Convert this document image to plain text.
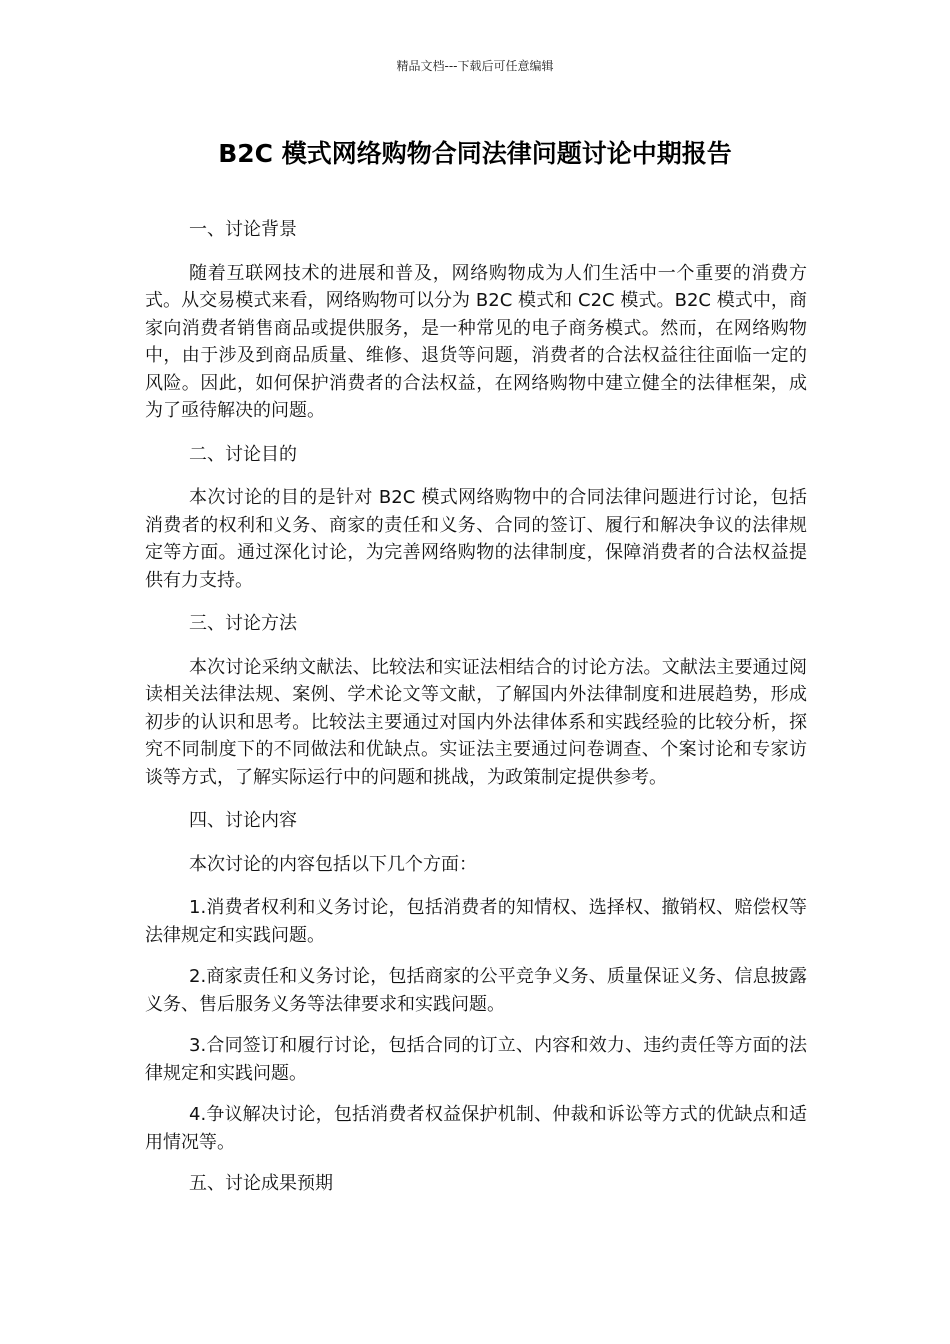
精品文档---下载后可任意编辑
B2C 模式网络购物合同法律问题讨论中期报告

一、讨论背景

随着互联网技术的进展和普及，网络购物成为人们生活中一个重要的消费方式。从交易模式来看，网络购物可以分为 B2C 模式和 C2C 模式。B2C 模式中，商家向消费者销售商品或提供服务，是一种常见的电子商务模式。然而，在网络购物中，由于涉及到商品质量、维修、退货等问题，消费者的合法权益往往面临一定的风险。因此，如何保护消费者的合法权益，在网络购物中建立健全的法律框架，成为了亟待解决的问题。

二、讨论目的

本次讨论的目的是针对 B2C 模式网络购物中的合同法律问题进行讨论，包括消费者的权利和义务、商家的责任和义务、合同的签订、履行和解决争议的法律规定等方面。通过深化讨论，为完善网络购物的法律制度，保障消费者的合法权益提供有力支持。

三、讨论方法

本次讨论采纳文献法、比较法和实证法相结合的讨论方法。文献法主要通过阅读相关法律法规、案例、学术论文等文献，了解国内外法律制度和进展趋势，形成初步的认识和思考。比较法主要通过对国内外法律体系和实践经验的比较分析，探究不同制度下的不同做法和优缺点。实证法主要通过问卷调查、个案讨论和专家访谈等方式，了解实际运行中的问题和挑战，为政策制定提供参考。

四、讨论内容

本次讨论的内容包括以下几个方面：

1.消费者权利和义务讨论，包括消费者的知情权、选择权、撤销权、赔偿权等法律规定和实践问题。

2.商家责任和义务讨论，包括商家的公平竞争义务、质量保证义务、信息披露义务、售后服务义务等法律要求和实践问题。

3.合同签订和履行讨论，包括合同的订立、内容和效力、违约责任等方面的法律规定和实践问题。

4.争议解决讨论，包括消费者权益保护机制、仲裁和诉讼等方式的优缺点和适用情况等。

五、讨论成果预期
